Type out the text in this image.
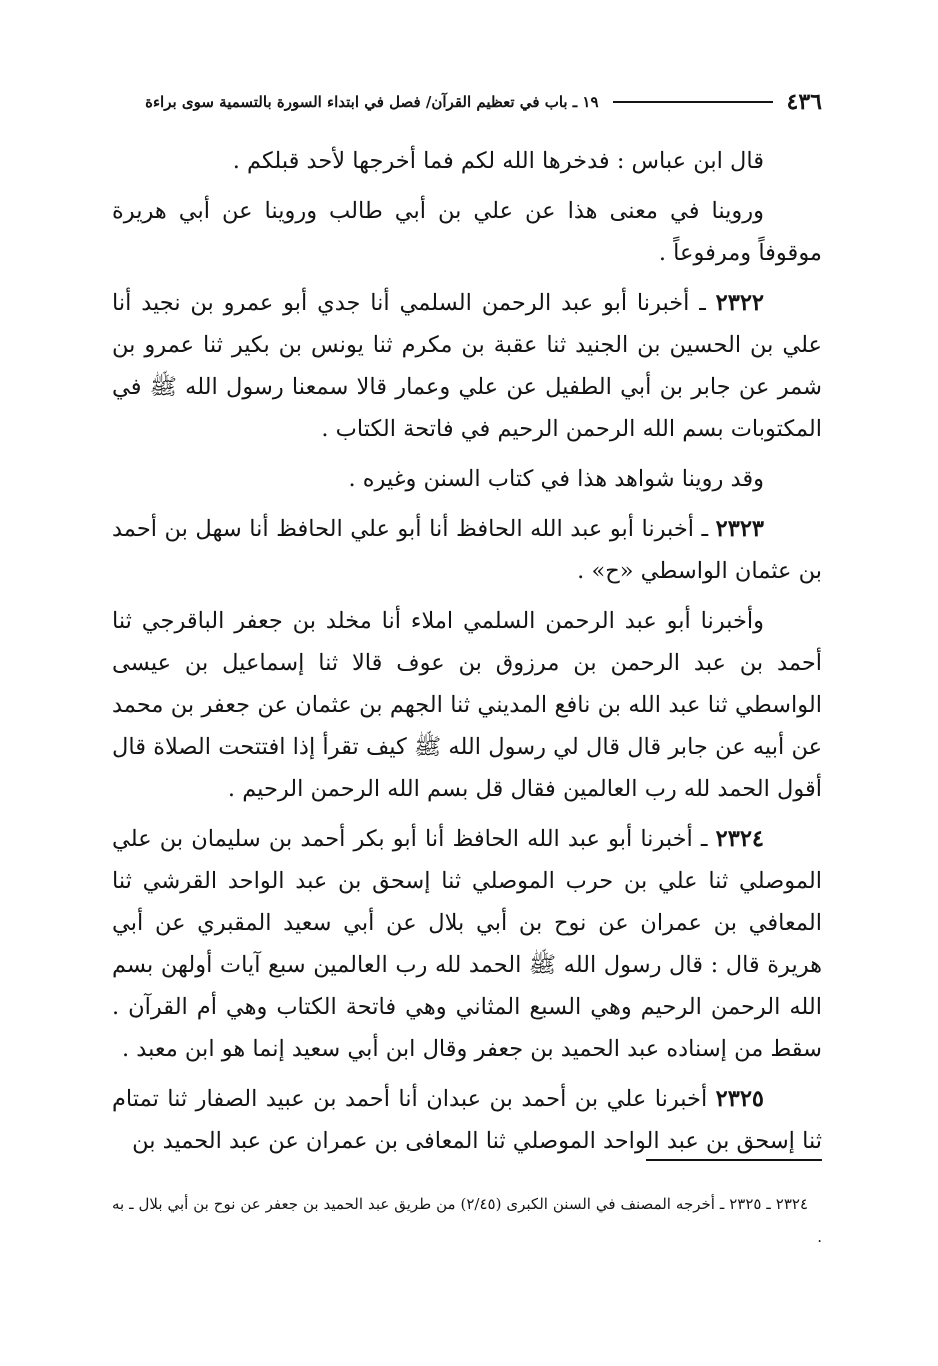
٤٣٦
١٩ ـ باب في تعظيم القرآن/ فصل في ابتداء السورة بالتسمية سوى براءة

قال ابن عباس : فدخرها الله لكم فما أخرجها لأحد قبلكم .

وروينا في معنى هذا عن علي بن أبي طالب وروينا عن أبي هريرة موقوفاً ومرفوعاً .

٢٣٢٢ ـ أخبرنا أبو عبد الرحمن السلمي أنا جدي أبو عمرو بن نجيد أنا علي بن الحسين بن الجنيد ثنا عقبة بن مكرم ثنا يونس بن بكير ثنا عمرو بن شمر عن جابر بن أبي الطفيل عن علي وعمار قالا سمعنا رسول الله ﷺ في المكتوبات بسم الله الرحمن الرحيم في فاتحة الكتاب .

وقد روينا شواهد هذا في كتاب السنن وغيره .

٢٣٢٣ ـ أخبرنا أبو عبد الله الحافظ أنا أبو علي الحافظ أنا سهل بن أحمد بن عثمان الواسطي «ح» .

وأخبرنا أبو عبد الرحمن السلمي املاء أنا مخلد بن جعفر الباقرجي ثنا أحمد بن عبد الرحمن بن مرزوق بن عوف قالا ثنا إسماعيل بن عيسى الواسطي ثنا عبد الله بن نافع المديني ثنا الجهم بن عثمان عن جعفر بن محمد عن أبيه عن جابر قال قال لي رسول الله ﷺ كيف تقرأ إذا افتتحت الصلاة قال أقول الحمد لله رب العالمين فقال قل بسم الله الرحمن الرحيم .

٢٣٢٤ ـ أخبرنا أبو عبد الله الحافظ أنا أبو بكر أحمد بن سليمان بن علي الموصلي ثنا علي بن حرب الموصلي ثنا إسحق بن عبد الواحد القرشي ثنا المعافي بن عمران عن نوح بن أبي بلال عن أبي سعيد المقبري عن أبي هريرة قال : قال رسول الله ﷺ الحمد لله رب العالمين سبع آيات أولهن بسم الله الرحمن الرحيم وهي السبع المثاني وهي فاتحة الكتاب وهي أم القرآن . سقط من إسناده عبد الحميد بن جعفر وقال ابن أبي سعيد إنما هو ابن معبد .

٢٣٢٥ أخبرنا علي بن أحمد بن عبدان أنا أحمد بن عبيد الصفار ثنا تمتام ثنا إسحق بن عبد الواحد الموصلي ثنا المعافى بن عمران عن عبد الحميد بن

٢٣٢٤ ـ ٢٣٢٥ ـ أخرجه المصنف في السنن الكبرى (٢/٤٥) من طريق عبد الحميد بن جعفر عن نوح بن أبي بلال ـ به .
